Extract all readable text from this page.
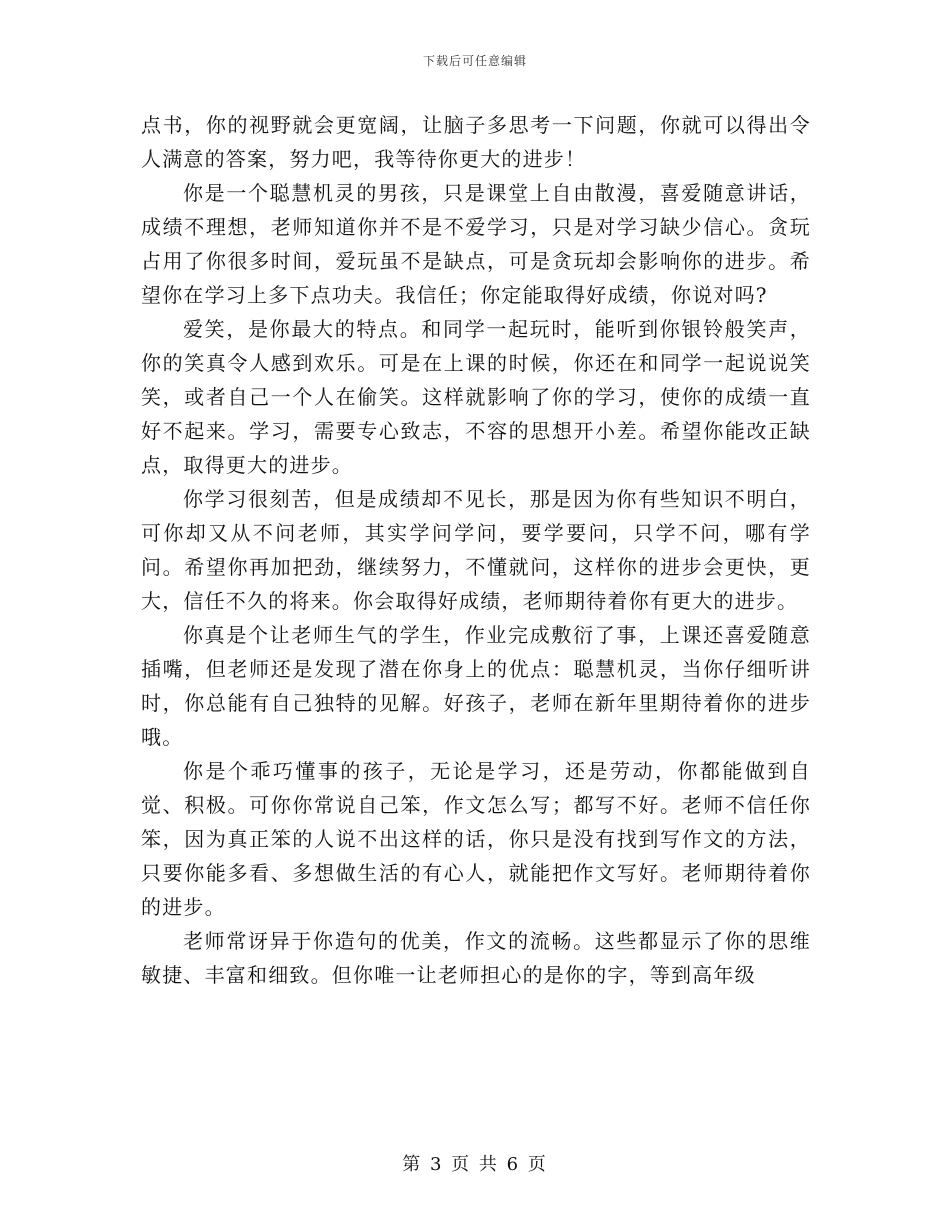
下载后可任意编辑

点书，你的视野就会更宽阔，让脑子多思考一下问题，你就可以得出令人满意的答案，努力吧，我等待你更大的进步！

你是一个聪慧机灵的男孩，只是课堂上自由散漫，喜爱随意讲话，成绩不理想，老师知道你并不是不爱学习，只是对学习缺少信心。贪玩占用了你很多时间，爱玩虽不是缺点，可是贪玩却会影响你的进步。希望你在学习上多下点功夫。我信任；你定能取得好成绩，你说对吗?

爱笑，是你最大的特点。和同学一起玩时，能听到你银铃般笑声，你的笑真令人感到欢乐。可是在上课的时候，你还在和同学一起说说笑笑，或者自己一个人在偷笑。这样就影响了你的学习，使你的成绩一直好不起来。学习，需要专心致志，不容的思想开小差。希望你能改正缺点，取得更大的进步。

你学习很刻苦，但是成绩却不见长，那是因为你有些知识不明白，可你却又从不问老师，其实学问学问，要学要问，只学不问，哪有学问。希望你再加把劲，继续努力，不懂就问，这样你的进步会更快，更大，信任不久的将来。你会取得好成绩，老师期待着你有更大的进步。

你真是个让老师生气的学生，作业完成敷衍了事，上课还喜爱随意插嘴，但老师还是发现了潜在你身上的优点：聪慧机灵，当你仔细听讲时，你总能有自己独特的见解。好孩子，老师在新年里期待着你的进步哦。

你是个乖巧懂事的孩子，无论是学习，还是劳动，你都能做到自觉、积极。可你你常说自己笨，作文怎么写；都写不好。老师不信任你笨，因为真正笨的人说不出这样的话，你只是没有找到写作文的方法，只要你能多看、多想做生活的有心人，就能把作文写好。老师期待着你的进步。

老师常讶异于你造句的优美，作文的流畅。这些都显示了你的思维敏捷、丰富和细致。但你唯一让老师担心的是你的字，等到高年级

第 3 页 共 6 页
